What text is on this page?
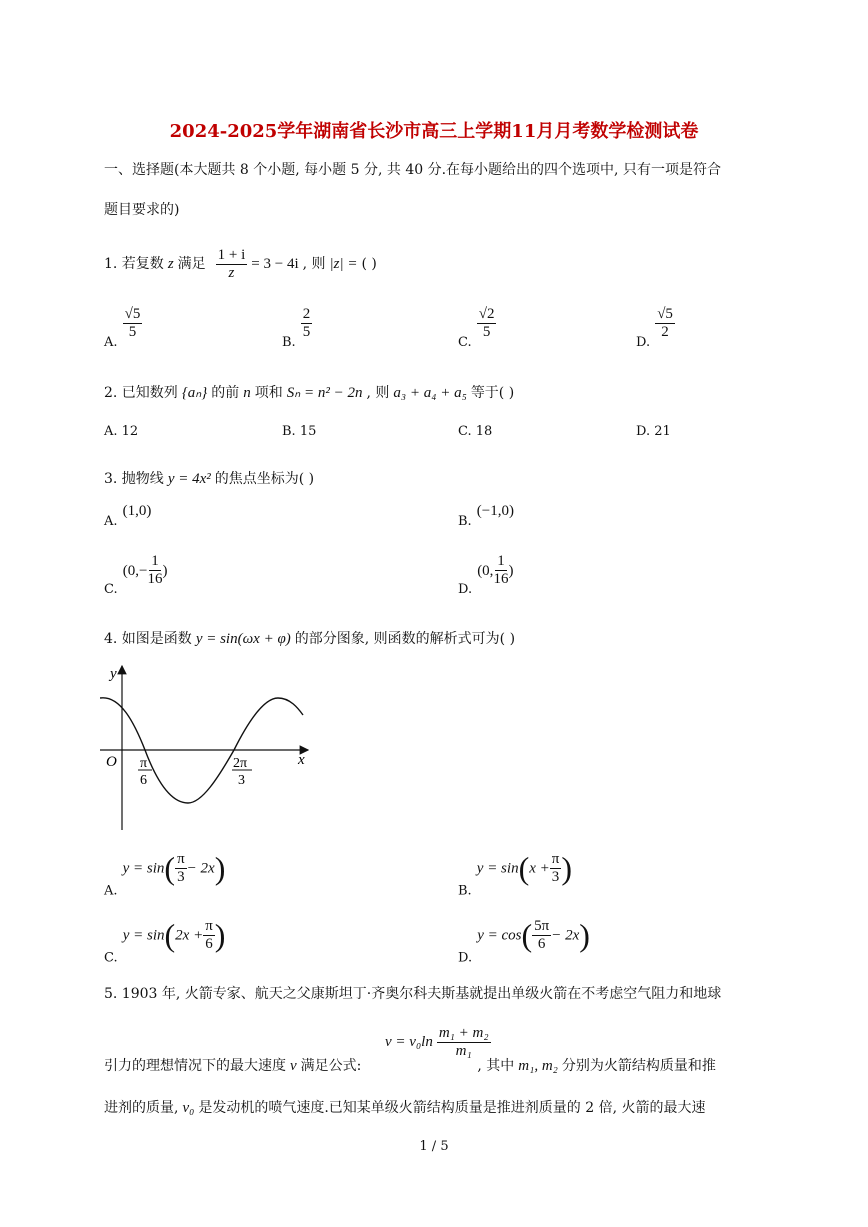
2024-2025学年湖南省长沙市高三上学期11月月考数学检测试卷
一、选择题(本大题共 8 个小题, 每小题 5 分, 共 40 分.在每小题给出的四个选项中, 只有一项是符合
题目要求的)
1. 若复数 z 满足 $\frac{1 + i}{z} = 3 - 4i$ , 则 |z| = ( )
$_{A.}$
$\frac{√5}{5}$
$_{B.}$
$\frac{2}{5}$
$_{C.}$
$\frac{√2}{5}$
$_{D.}$
$\frac{√5}{2}$
2. 已知数列 {aₙ} 的前 n 项和 Sₙ = n² − 2n , 则 a₃ + a₄ + a₅ 等于( )
A. 12	B. 15	C. 18	D. 21
3. 抛物线 y = 4x² 的焦点坐标为( )
$_{A.}$ (1,0)
$_{B.}$ (−1,0)
$_{C.}$ ($0,- \frac{1}{16}$ )
$_{D.}$ (0, $\frac{1}{16}$ )
4. 如图是函数 y = sin(ωx + φ) 的部分图象, 则函数的解析式可为( )
y
x
O π
6
2π
3
$_{A.}$ $y = \sin( \frac{\pi}{3} - 2x)$
$_{B.}$ $y = \sin(x + \frac{\pi}{3}$ )
$_{C.}$ $y = \sin(2x + \frac{\pi}{6}$ )
$_{D.}$ $y = \cos( \frac{5\pi}{6} - 2x)$
5. 1903 年, 火箭专家、航天之父康斯坦丁·齐奥尔科夫斯基就提出单级火箭在不考虑空气阻力和地球
$v = v_0\ln \frac{\text{m₁ + m₂}}{\text{m₁}}$
引力的理想情况下的最大速度 v 满足公式:	, 其中 m₁, m₂ 分别为火箭结构质量和推
进剂的质量, v₀ 是发动机的喷气速度.已知某单级火箭结构质量是推进剂质量的 2 倍, 火箭的最大速
1 / 5
